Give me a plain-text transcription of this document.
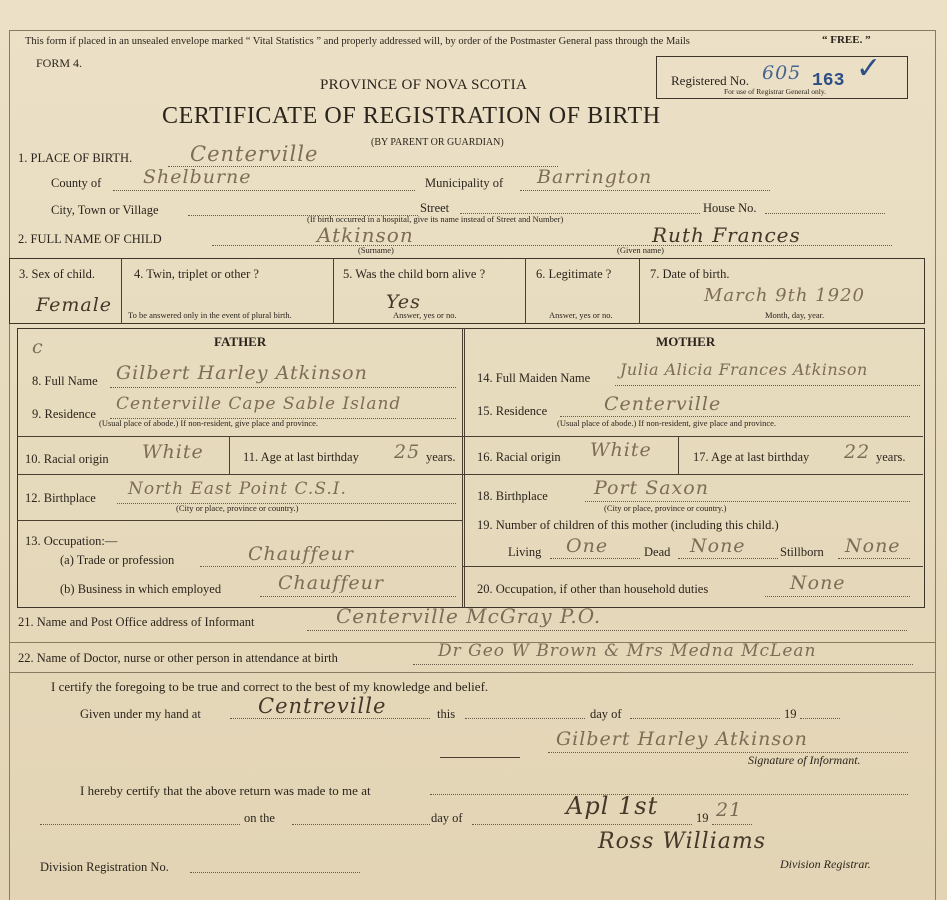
This form if placed in an unsealed envelope marked “ Vital Statistics ” and properly addressed will, by order of the Postmaster General pass through the Mails	“ FREE. ”
FORM 4.
PROVINCE OF NOVA SCOTIA
CERTIFICATE OF REGISTRATION OF BIRTH
(BY PARENT OR GUARDIAN)
Registered No. 605 163 ✓
For use of Registrar General only.
1. PLACE OF BIRTH.	Centerville
County of Shelburne	Municipality of Barrington
City, Town or Village	Street	House No.
(If birth occurred in a hospital, give its name instead of Street and Number)
2. FULL NAME OF CHILD	Atkinson	Ruth Frances
(Surname)	(Given name)
3. Sex of child.
Female
4. Twin, triplet or other ?
To be answered only in the event of plural birth.
5. Was the child born alive ?
Yes
Answer, yes or no.
6. Legitimate ?
Answer, yes or no.
7. Date of birth.
March 9th 1920
Month, day, year.
FATHER	MOTHER
c
8. Full Name Gilbert Harley Atkinson
9. Residence Centerville Cape Sable Island
(Usual place of abode.) If non-resident, give place and province.
10. Racial origin White	11. Age at last birthday 25 years.
12. Birthplace North East Point C.S.I.
(City or place, province or country.)
13. Occupation:—
(a) Trade or profession	Chauffeur
(b) Business in which employed	Chauffeur
14. Full Maiden Name Julia Alicia Frances Atkinson
15. Residence	Centerville
(Usual place of abode.) If non-resident, give place and province.
16. Racial origin White	17. Age at last birthday 22 years.
18. Birthplace Port Saxon
(City or place, province or country.)
19. Number of children of this mother (including this child.)
Living One	Dead None	Stillborn None
20. Occupation, if other than household duties	None
21. Name and Post Office address of Informant	Centerville McGray P.O.
22. Name of Doctor, nurse or other person in attendance at birth	Dr Geo W Brown & Mrs Medna McLean
I certify the foregoing to be true and correct to the best of my knowledge and belief.
Given under my hand at	Centreville	this	day of	19
Gilbert Harley Atkinson
Signature of Informant.
I hereby certify that the above return was made to me at
on the	day of	Apl 1st	19 21
Ross Williams
Division Registrar.
Division Registration No.
